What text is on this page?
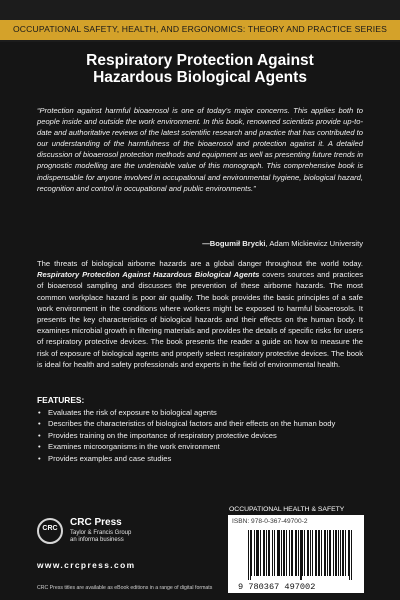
OCCUPATIONAL SAFETY, HEALTH, AND ERGONOMICS: THEORY AND PRACTICE SERIES
Respiratory Protection Against
Hazardous Biological Agents
“Protection against harmful bioaerosol is one of today’s major concerns. This applies both to people inside and outside the work environment. In this book, renowned scientists provide up-to-date and authoritative reviews of the latest scientific research and practice that has contributed to our understanding of the harmfulness of the bioaerosol and protection against it. A detailed discussion of bioaerosol protection methods and equipment as well as presenting future trends in prognostic modelling are the undeniable value of this monograph. This comprehensive book is indispensable for anyone involved in occupational and environmental hygiene, biological hazard, recognition and control in occupational and public environments.”
—Bogumił Brycki, Adam Mickiewicz University
The threats of biological airborne hazards are a global danger throughout the world today. Respiratory Protection Against Hazardous Biological Agents covers sources and practices of bioaerosol sampling and discusses the prevention of these airborne hazards. The most common workplace hazard is poor air quality. The book provides the basic principles of a safe work environment in the conditions where workers might be exposed to harmful bioaerosols. It presents the key characteristics of biological hazards and their effects on the human body. It examines microbial growth in filtering materials and provides the details of specific risks for users of respiratory protective devices. The book presents the reader a guide on how to measure the risk of exposure of biological agents and properly select respiratory protective devices. The book is ideal for health and safety professionals and experts in the field of environmental health.
FEATURES:
• Evaluates the risk of exposure to biological agents
• Describes the characteristics of biological factors and their effects on the human body
• Provides training on the importance of respiratory protective devices
• Examines microorganisms in the work environment
• Provides examples and case studies
CRC
CRC Press
Taylor & Francis Group
an informa business
www.crcpress.com
CRC Press titles are available as eBook editions in a range of digital formats
OCCUPATIONAL HEALTH & SAFETY
ISBN: 978-0-367-49700-2
9 780367 497002
